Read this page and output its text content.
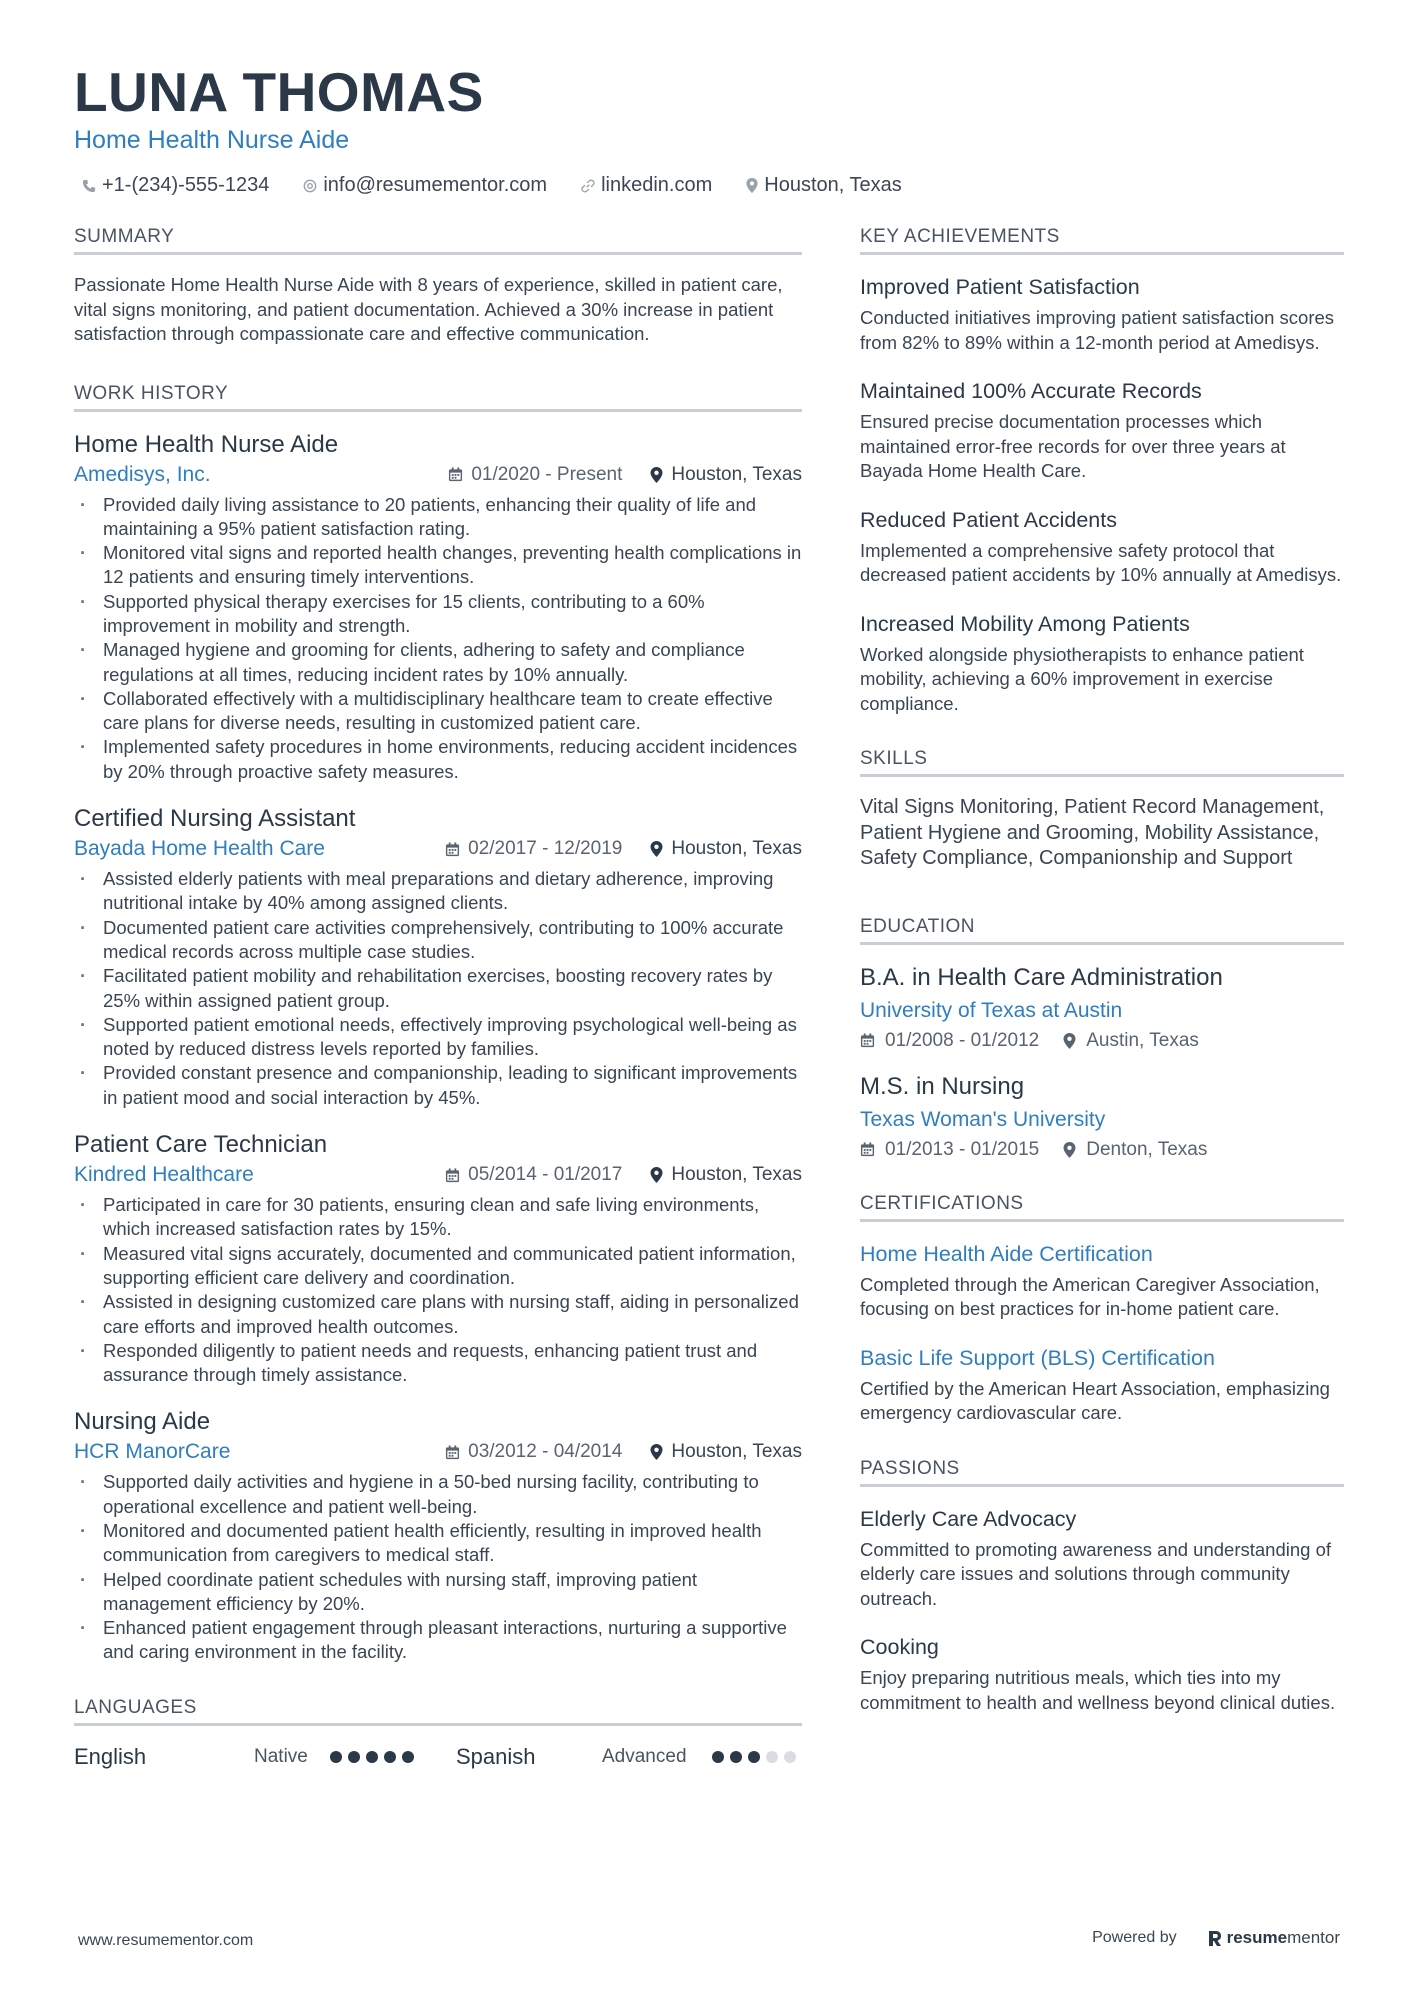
LUNA THOMAS
Home Health Nurse Aide
+1-(234)-555-1234	info@resumementor.com	linkedin.com	Houston, Texas
SUMMARY

Passionate Home Health Nurse Aide with 8 years of experience, skilled in patient care, vital signs monitoring, and patient documentation. Achieved a 30% increase in patient satisfaction through compassionate care and effective communication.

WORK HISTORY
Home Health Nurse Aide
Amedisys, Inc.	01/2020 - Present	Houston, Texas
· Provided daily living assistance to 20 patients, enhancing their quality of life and maintaining a 95% patient satisfaction rating.
· Monitored vital signs and reported health changes, preventing health complications in 12 patients and ensuring timely interventions.
· Supported physical therapy exercises for 15 clients, contributing to a 60% improvement in mobility and strength.
· Managed hygiene and grooming for clients, adhering to safety and compliance regulations at all times, reducing incident rates by 10% annually.
· Collaborated effectively with a multidisciplinary healthcare team to create effective care plans for diverse needs, resulting in customized patient care.
· Implemented safety procedures in home environments, reducing accident incidences by 20% through proactive safety measures.
Certified Nursing Assistant
Bayada Home Health Care	02/2017 - 12/2019	Houston, Texas
· Assisted elderly patients with meal preparations and dietary adherence, improving nutritional intake by 40% among assigned clients.
· Documented patient care activities comprehensively, contributing to 100% accurate medical records across multiple case studies.
· Facilitated patient mobility and rehabilitation exercises, boosting recovery rates by 25% within assigned patient group.
· Supported patient emotional needs, effectively improving psychological well-being as noted by reduced distress levels reported by families.
· Provided constant presence and companionship, leading to significant improvements in patient mood and social interaction by 45%.
Patient Care Technician
Kindred Healthcare	05/2014 - 01/2017	Houston, Texas
· Participated in care for 30 patients, ensuring clean and safe living environments, which increased satisfaction rates by 15%.
· Measured vital signs accurately, documented and communicated patient information, supporting efficient care delivery and coordination.
· Assisted in designing customized care plans with nursing staff, aiding in personalized care efforts and improved health outcomes.
· Responded diligently to patient needs and requests, enhancing patient trust and assurance through timely assistance.
Nursing Aide
HCR ManorCare	03/2012 - 04/2014	Houston, Texas
· Supported daily activities and hygiene in a 50-bed nursing facility, contributing to operational excellence and patient well-being.
· Monitored and documented patient health efficiently, resulting in improved health communication from caregivers to medical staff.
· Helped coordinate patient schedules with nursing staff, improving patient management efficiency by 20%.
· Enhanced patient engagement through pleasant interactions, nurturing a supportive and caring environment in the facility.
LANGUAGES
English	Native	Spanish	Advanced
KEY ACHIEVEMENTS
Improved Patient Satisfaction

Conducted initiatives improving patient satisfaction scores from 82% to 89% within a 12-month period at Amedisys.

Maintained 100% Accurate Records

Ensured precise documentation processes which maintained error-free records for over three years at Bayada Home Health Care.

Reduced Patient Accidents

Implemented a comprehensive safety protocol that decreased patient accidents by 10% annually at Amedisys.

Increased Mobility Among Patients

Worked alongside physiotherapists to enhance patient mobility, achieving a 60% improvement in exercise compliance.

SKILLS

Vital Signs Monitoring, Patient Record Management, Patient Hygiene and Grooming, Mobility Assistance, Safety Compliance, Companionship and Support

EDUCATION
B.A. in Health Care Administration
University of Texas at Austin
01/2008 - 01/2012 Austin, Texas
M.S. in Nursing
Texas Woman's University
01/2013 - 01/2015 Denton, Texas
CERTIFICATIONS
Home Health Aide Certification

Completed through the American Caregiver Association, focusing on best practices for in-home patient care.

Basic Life Support (BLS) Certification

Certified by the American Heart Association, emphasizing emergency cardiovascular care.

PASSIONS
Elderly Care Advocacy

Committed to promoting awareness and understanding of elderly care issues and solutions through community outreach.

Cooking

Enjoy preparing nutritious meals, which ties into my commitment to health and wellness beyond clinical duties.

www.resumementor.com	Powered by	resume mentor
